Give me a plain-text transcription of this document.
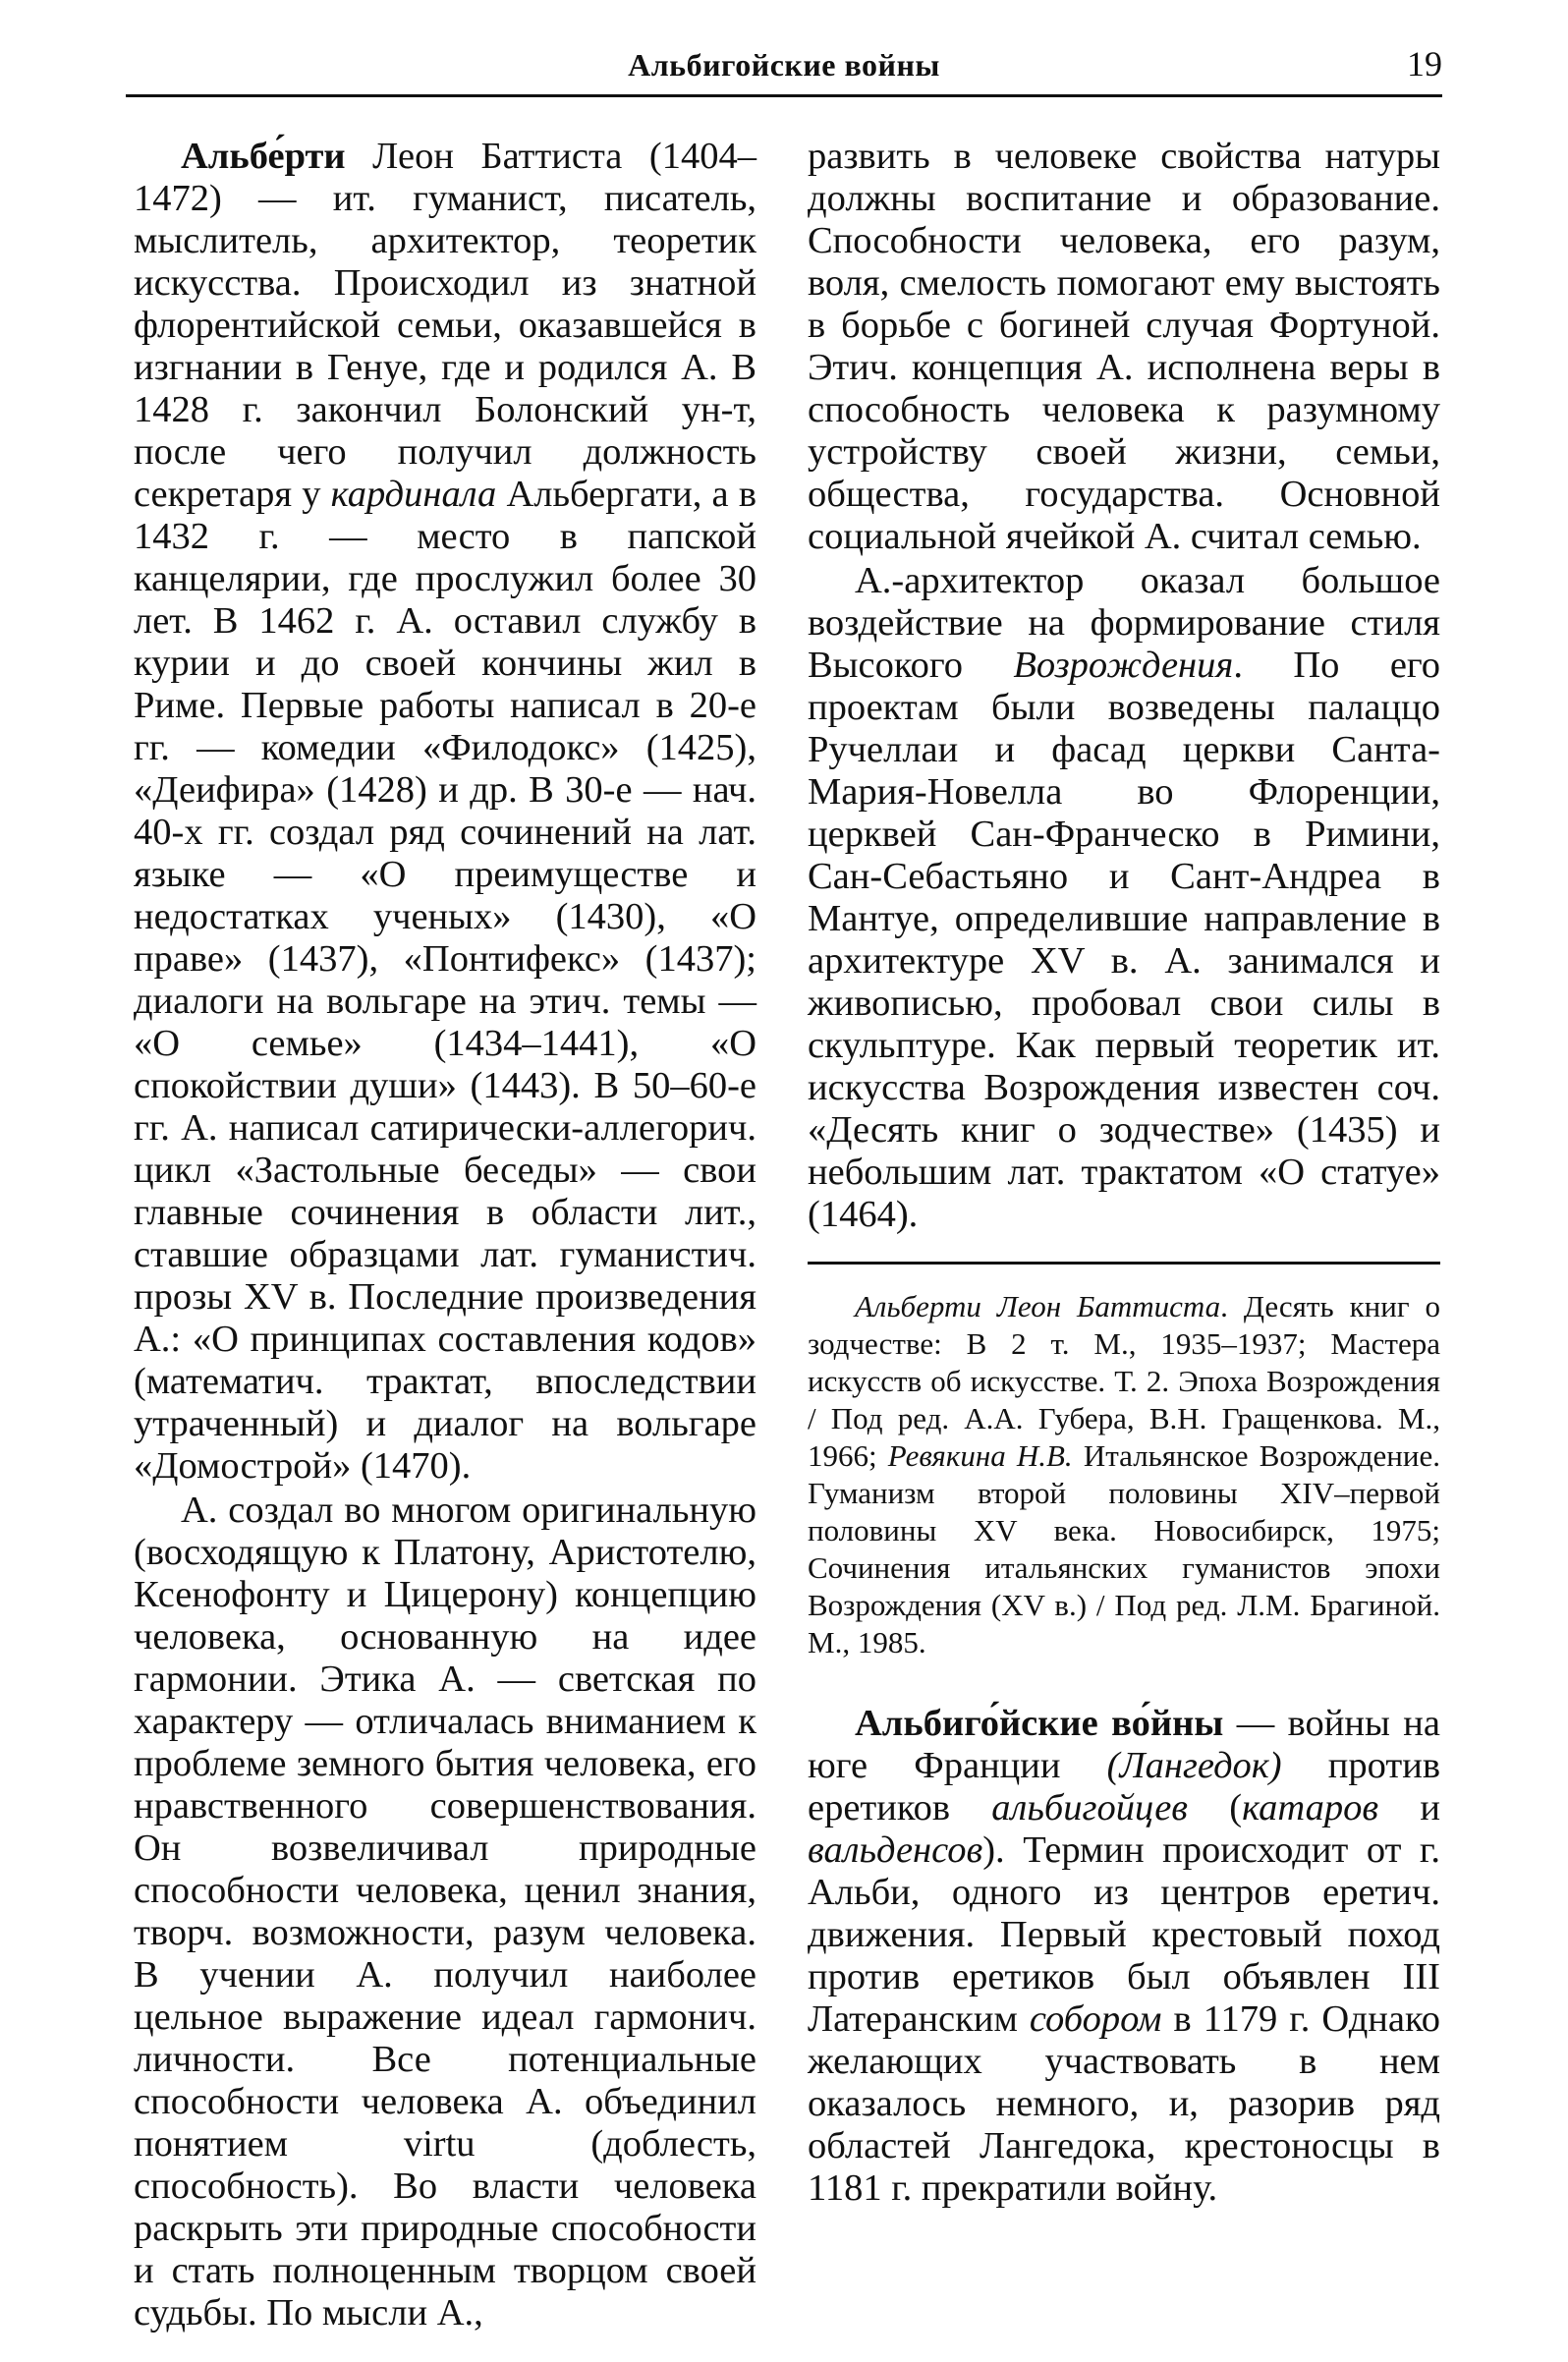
Альбигойские войны	19

Альбе́рти Леон Баттиста (1404–1472) — ит. гуманист, писатель, мыслитель, архитектор, теоретик искусства. Происходил из знатной флорентийской семьи, оказавшейся в изгнании в Генуе, где и родился А. В 1428 г. закончил Болонский ун-т, после чего получил должность секретаря у кардинала Альбергати, а в 1432 г. — место в папской канцелярии, где прослужил более 30 лет. В 1462 г. А. оставил службу в курии и до своей кончины жил в Риме. Первые работы написал в 20-е гг. — комедии «Филодокс» (1425), «Деифира» (1428) и др. В 30-е — нач. 40-х гг. создал ряд сочинений на лат. языке — «О преимуществе и недостатках ученых» (1430), «О праве» (1437), «Понтифекс» (1437); диалоги на вольгаре на этич. темы — «О семье» (1434–1441), «О спокойствии души» (1443). В 50–60-е гг. А. написал сатирически-аллегорич. цикл «Застольные беседы» — свои главные сочинения в области лит., ставшие образцами лат. гуманистич. прозы XV в. Последние произведения А.: «О принципах составления кодов» (математич. трактат, впоследствии утраченный) и диалог на вольгаре «Домострой» (1470).

А. создал во многом оригинальную (восходящую к Платону, Аристотелю, Ксенофонту и Цицерону) концепцию человека, основанную на идее гармонии. Этика А. — светская по характеру — отличалась вниманием к проблеме земного бытия человека, его нравственного совершенствования. Он возвеличивал природные способности человека, ценил знания, творч. возможности, разум человека. В учении А. получил наиболее цельное выражение идеал гармонич. личности. Все потенциальные способности человека А. объединил понятием virtu (доблесть, способность). Во власти человека раскрыть эти природные способности и стать полноценным творцом своей судьбы. По мысли А.,

развить в человеке свойства натуры должны воспитание и образование. Способности человека, его разум, воля, смелость помогают ему выстоять в борьбе с богиней случая Фортуной. Этич. концепция А. исполнена веры в способность человека к разумному устройству своей жизни, семьи, общества, государства. Основной социальной ячейкой А. считал семью.

А.-архитектор оказал большое воздействие на формирование стиля Высокого Возрождения. По его проектам были возведены палаццо Ручеллаи и фасад церкви Санта-Мария-Новелла во Флоренции, церквей Сан-Франческо в Римини, Сан-Себастьяно и Сант-Андреа в Мантуе, определившие направление в архитектуре XV в. А. занимался и живописью, пробовал свои силы в скульптуре. Как первый теоретик ит. искусства Возрождения известен соч. «Десять книг о зодчестве» (1435) и небольшим лат. трактатом «О статуе» (1464).

Альберти Леон Баттиста. Десять книг о зодчестве: В 2 т. М., 1935–1937; Мастера искусств об искусстве. Т. 2. Эпоха Возрождения / Под ред. А.А. Губера, В.Н. Гращенкова. М., 1966; Ревякина Н.В. Итальянское Возрождение. Гуманизм второй половины XIV–первой половины XV века. Новосибирск, 1975; Сочинения итальянских гуманистов эпохи Возрождения (XV в.) / Под ред. Л.М. Брагиной. М., 1985.

Альбиго́йские во́йны — войны на юге Франции (Лангедок) против еретиков альбигойцев (катаров и вальденсов). Термин происходит от г. Альби, одного из центров еретич. движения. Первый крестовый поход против еретиков был объявлен III Латеранским собором в 1179 г. Однако желающих участвовать в нем оказалось немного, и, разорив ряд областей Лангедока, крестоносцы в 1181 г. прекратили войну.
